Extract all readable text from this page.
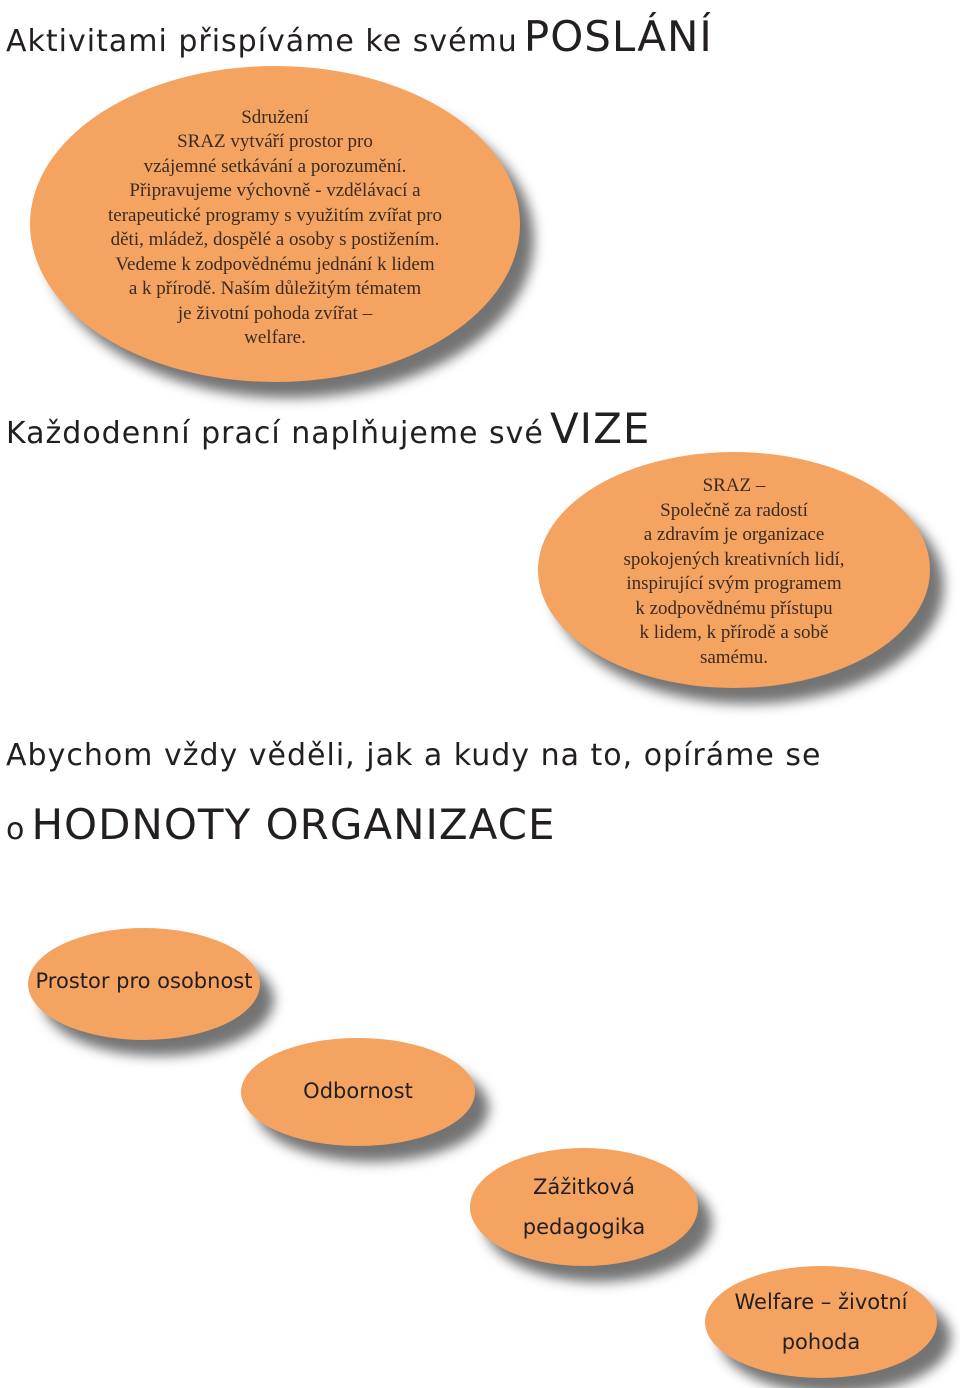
Aktivitami přispíváme ke svému POSLÁNÍ
Sdružení
SRAZ vytváří prostor pro
vzájemné setkávání a porozumění.
Připravujeme výchovně - vzdělávací a
terapeutické programy s využitím zvířat pro
děti, mládež, dospělé a osoby s postižením.
Vedeme k zodpovědnému jednání k lidem
a k přírodě. Naším důležitým tématem
je životní pohoda zvířat –
welfare.
Každodenní prací naplňujeme své VIZE
SRAZ –
Společně za radostí
a zdravím je organizace
spokojených kreativních lidí,
inspirující svým programem
k zodpovědnému přístupu
k lidem, k přírodě a sobě
samému.
Abychom vždy věděli, jak a kudy na to, opíráme se
o HODNOTY ORGANIZACE
Prostor pro osobnost
Odbornost
Zážitková
pedagogika
Welfare – životní
pohoda
